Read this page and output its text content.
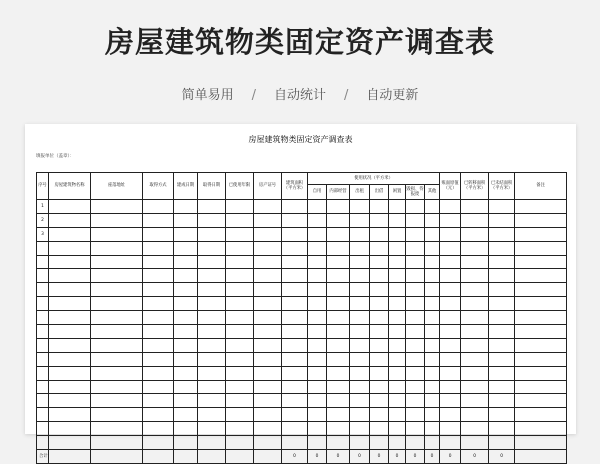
房屋建筑物类固定资产调查表
简单易用 / 自动统计 / 自动更新
房屋建筑物类固定资产调查表
填报单位（盖章）：
序号	房屋建筑物名称	座落地址	取得方式	建成日期	取得日期	已使用年限	房产证号	建筑面积（平方米）	使用状况（平方米）							账面原值（元）	已转移面积（平方米）	已未结面积（平方米）	备注
									自用	内部经营	出租	出借	闲置	毁损、待报废	其他				
1																			
2																			
3																			

合计								0	0	0	0	0	0	0	0	0	0	0	
